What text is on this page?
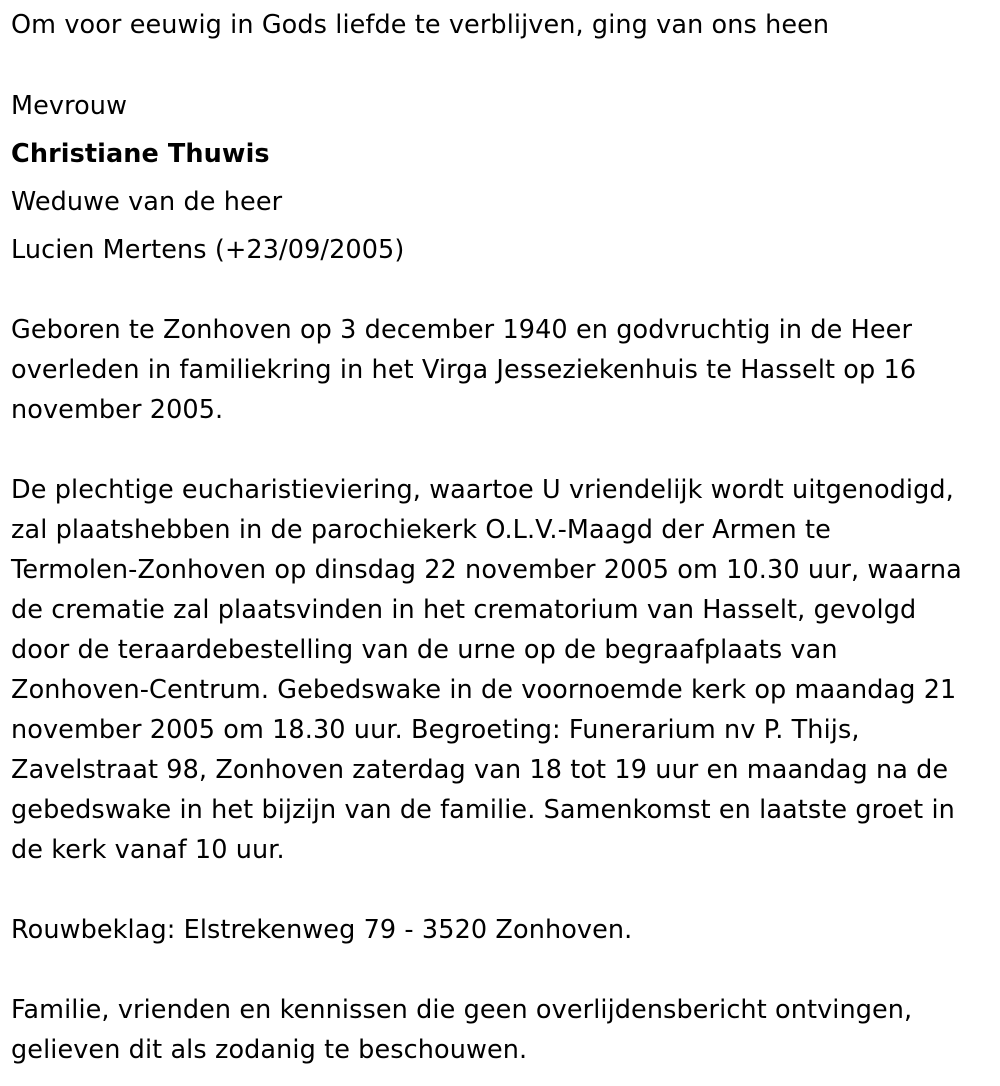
Om voor eeuwig in Gods liefde te verblijven, ging van ons heen
Mevrouw
Christiane Thuwis
Weduwe van de heer
Lucien Mertens (+23/09/2005)
Geboren te Zonhoven op 3 december 1940 en godvruchtig in de Heer
overleden in familiekring in het Virga Jesseziekenhuis te Hasselt op 16
november 2005.
De plechtige eucharistieviering, waartoe U vriendelijk wordt uitgenodigd,
zal plaatshebben in de parochiekerk O.L.V.-Maagd der Armen te
Termolen-Zonhoven op dinsdag 22 november 2005 om 10.30 uur, waarna
de crematie zal plaatsvinden in het crematorium van Hasselt, gevolgd
door de teraardebestelling van de urne op de begraafplaats van
Zonhoven-Centrum. Gebedswake in de voornoemde kerk op maandag 21
november 2005 om 18.30 uur. Begroeting: Funerarium nv P. Thijs,
Zavelstraat 98, Zonhoven zaterdag van 18 tot 19 uur en maandag na de
gebedswake in het bijzijn van de familie. Samenkomst en laatste groet in
de kerk vanaf 10 uur.
Rouwbeklag: Elstrekenweg 79 - 3520 Zonhoven.
Familie, vrienden en kennissen die geen overlijdensbericht ontvingen,
gelieven dit als zodanig te beschouwen.
